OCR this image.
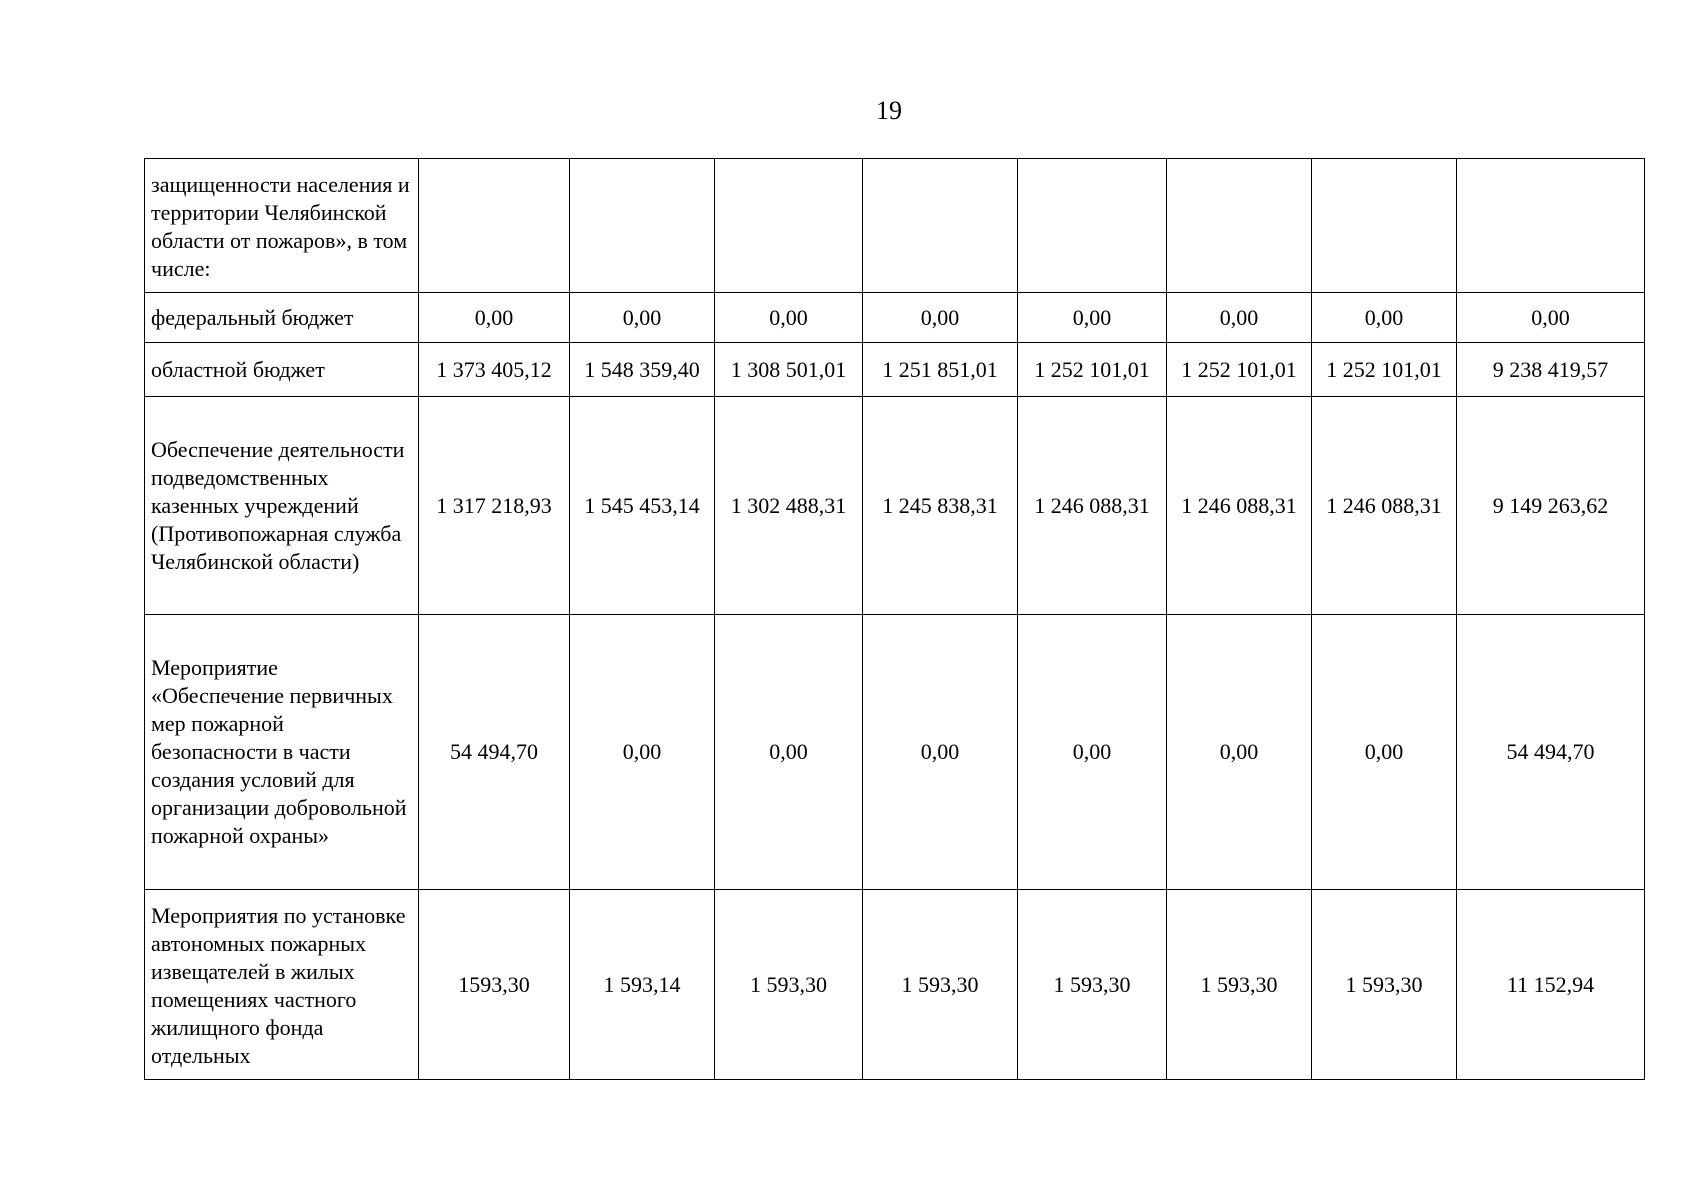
19
защищенности населения и территории Челябинской области от пожаров», в том числе:								
федеральный бюджет	0,00	0,00	0,00	0,00	0,00	0,00	0,00	0,00
областной бюджет	1 373 405,12	1 548 359,40	1 308 501,01	1 251 851,01	1 252 101,01	1 252 101,01	1 252 101,01	9 238 419,57
Обеспечение деятельности подведомственных казенных учреждений (Противопожарная служба Челябинской области)	1 317 218,93	1 545 453,14	1 302 488,31	1 245 838,31	1 246 088,31	1 246 088,31	1 246 088,31	9 149 263,62
Мероприятие «Обеспечение первичных мер пожарной безопасности в части создания условий для организации добровольной пожарной охраны»	54 494,70	0,00	0,00	0,00	0,00	0,00	0,00	54 494,70
Мероприятия по установке автономных пожарных извещателей в жилых помещениях частного жилищного фонда отдельных	1593,30	1 593,14	1 593,30	1 593,30	1 593,30	1 593,30	1 593,30	11 152,94
